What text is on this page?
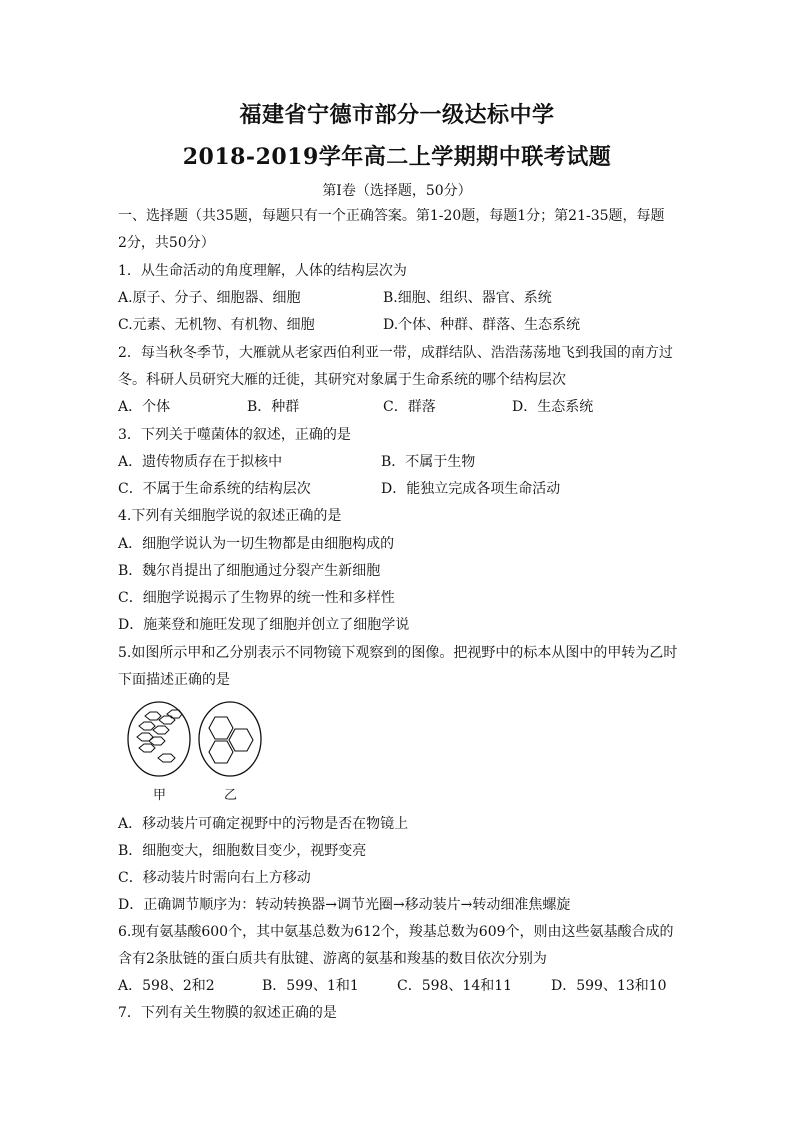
福建省宁德市部分一级达标中学
2018-2019学年高二上学期期中联考试题
第Ⅰ卷（选择题，50分）
一、选择题（共35题，每题只有一个正确答案。第1-20题，每题1分；第21-35题，每题
2分，共50分）
1．从生命活动的角度理解，人体的结构层次为
A.原子、分子、细胞器、细胞	B.细胞、组织、器官、系统
C.元素、无机物、有机物、细胞	D.个体、种群、群落、生态系统
2．每当秋冬季节，大雁就从老家西伯利亚一带，成群结队、浩浩荡荡地飞到我国的南方过
冬。科研人员研究大雁的迁徙，其研究对象属于生命系统的哪个结构层次
A．个体	B．种群	C．群落	D．生态系统
3．下列关于噬菌体的叙述，正确的是
A．遗传物质存在于拟核中	B．不属于生物
C．不属于生命系统的结构层次	D．能独立完成各项生命活动
4.下列有关细胞学说的叙述正确的是
A．细胞学说认为一切生物都是由细胞构成的
B．魏尔肖提出了细胞通过分裂产生新细胞
C．细胞学说揭示了生物界的统一性和多样性
D．施莱登和施旺发现了细胞并创立了细胞学说
5.如图所示甲和乙分别表示不同物镜下观察到的图像。把视野中的标本从图中的甲转为乙时
下面描述正确的是
甲	乙
A．移动装片可确定视野中的污物是否在物镜上
B．细胞变大，细胞数目变少，视野变亮
C．移动装片时需向右上方移动
D．正确调节顺序为：转动转换器→调节光圈→移动装片→转动细准焦螺旋
6.现有氨基酸600个，其中氨基总数为612个，羧基总数为609个，则由这些氨基酸合成的
含有2条肽链的蛋白质共有肽键、游离的氨基和羧基的数目依次分别为
A．598、2和2	B．599、1和1	C．598、14和11	D．599、13和10
7．下列有关生物膜的叙述正确的是
